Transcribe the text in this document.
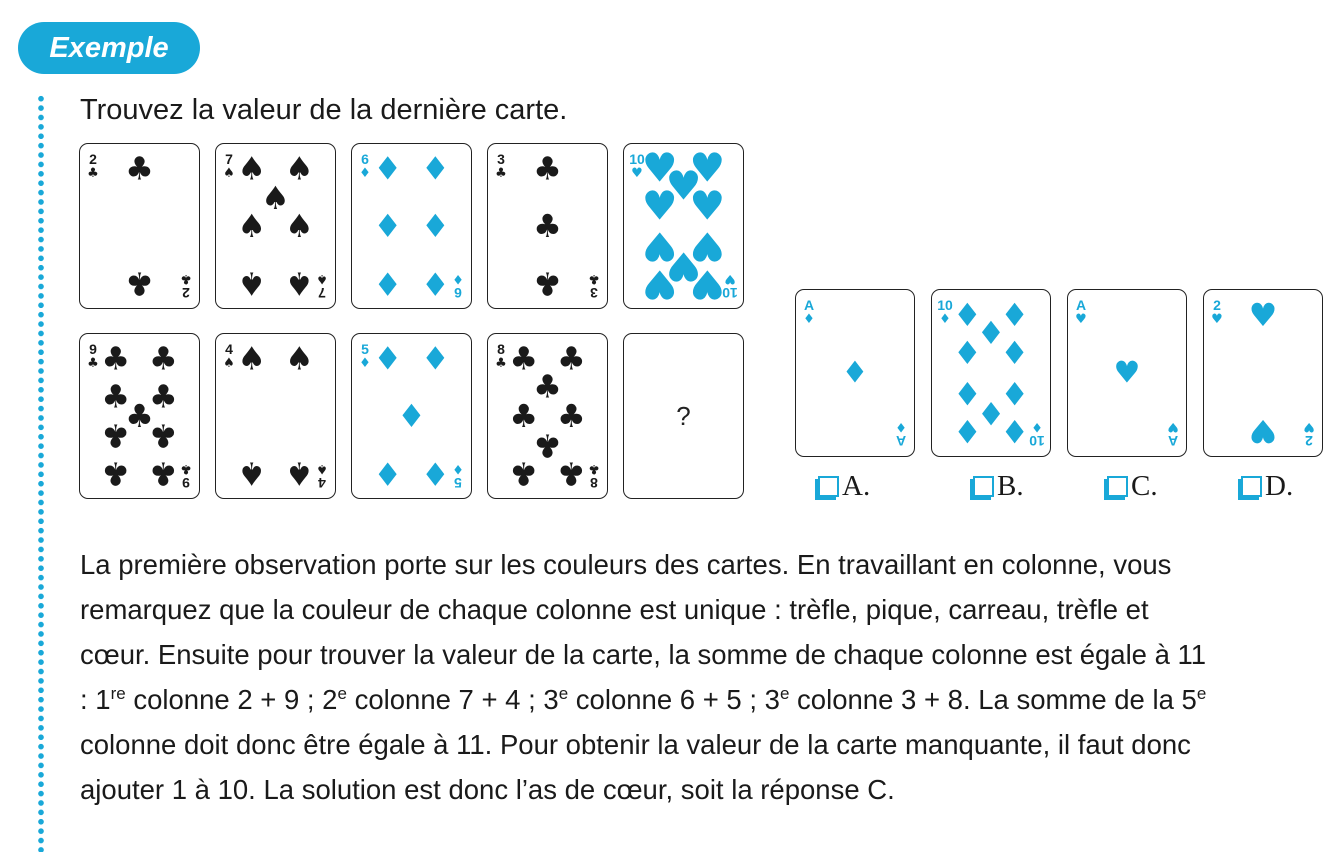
Exemple
Trouvez la valeur de la dernière carte.
2
♣
2
♣
♣
♣
7
♠
7
♠
♠ ♠
♠
♠ ♠
♠ ♠
6
♦
6
♦
♦ ♦
♦ ♦
♦ ♦
3
♣
3
♣
♣
♣
♣
10
♥
10
♥
♥ ♥
♥
♥ ♥
♥ ♥
♥
♥ ♥
9
♣
9
♣
♣ ♣
♣ ♣
♣
♣ ♣
♣ ♣
4
♠
4
♠
♠ ♠
♠ ♠
5
♦
5
♦
♦ ♦
♦
♦ ♦
8
♣
8
♣
♣ ♣
♣
♣ ♣
♣
♣ ♣
?
A
♦
A
♦
♦
10
♦
10
♦
♦ ♦
♦
♦ ♦
♦ ♦
♦
♦ ♦
A
♥
A
♥
♥
2
♥
2
♥
♥
♥
A.	B.	C.	D.
La première observation porte sur les couleurs des cartes. En travaillant en colonne, vous remarquez que la couleur de chaque colonne est unique : trèfle, pique, carreau, trèfle et cœur. Ensuite pour trouver la valeur de la carte, la somme de chaque colonne est égale à 11 : 1re colonne 2 + 9 ; 2e colonne 7 + 4 ; 3e colonne 6 + 5 ; 3e colonne 3 + 8. La somme de la 5e colonne doit donc être égale à 11. Pour obtenir la valeur de la carte manquante, il faut donc ajouter 1 à 10. La solution est donc l’as de cœur, soit la réponse C.
